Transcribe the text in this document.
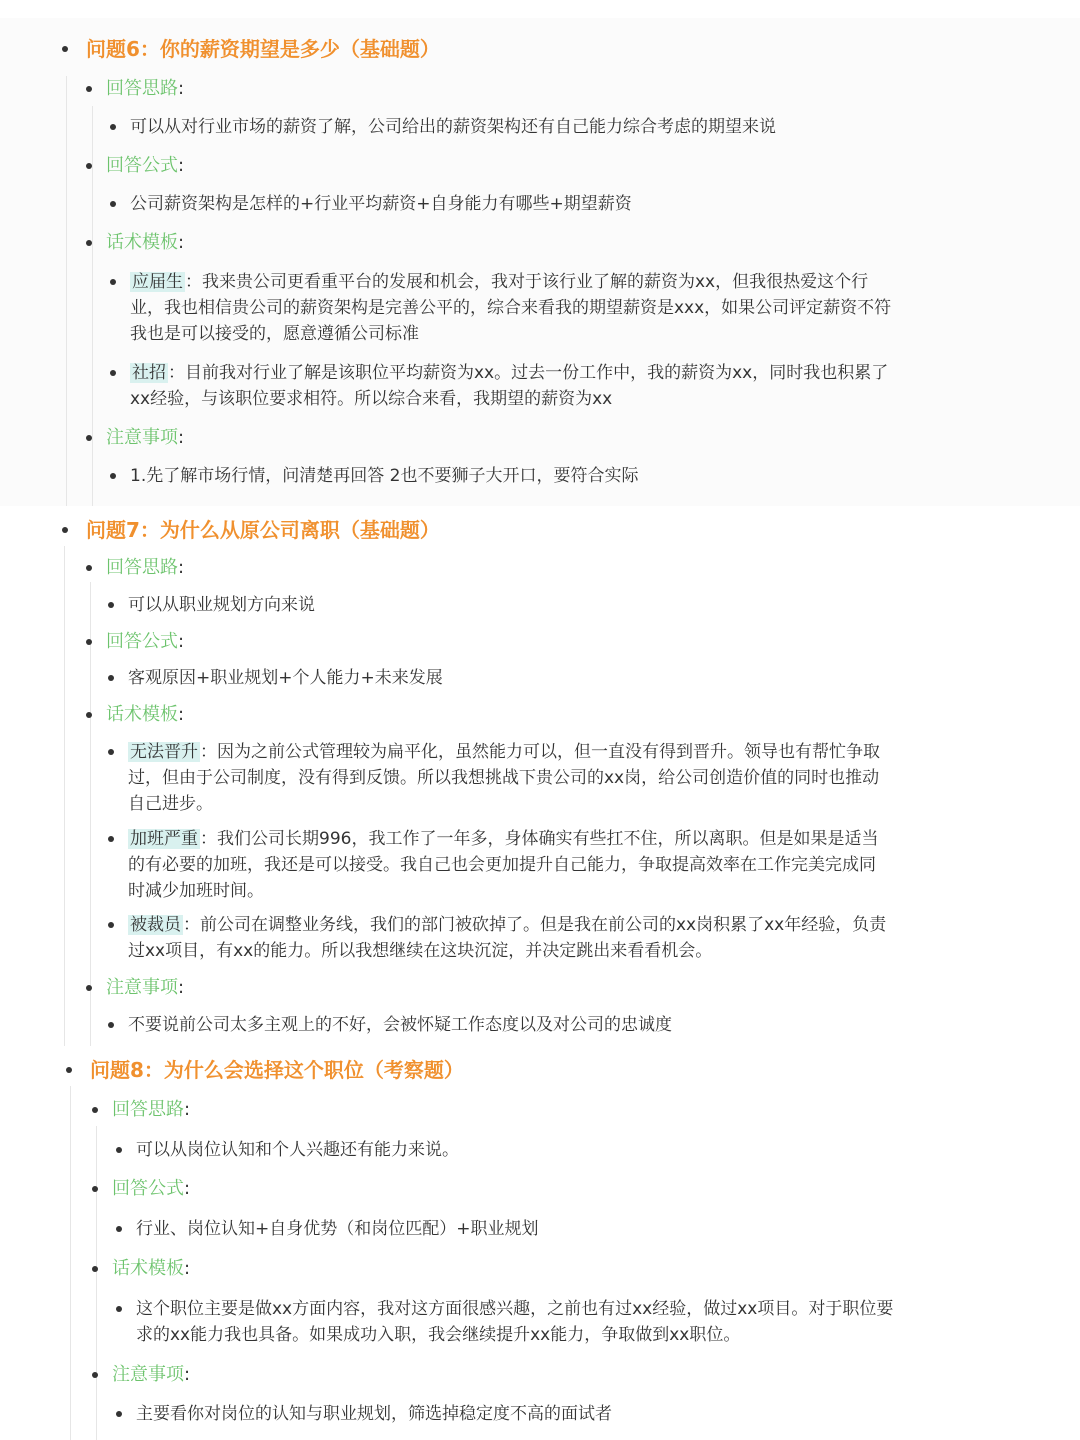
问题6：你的薪资期望是多少（基础题）
回答思路 :
可以从对行业市场的薪资了解，公司给出的薪资架构还有自己能力综合考虑的期望来说
回答公式 :
公司薪资架构是怎样的+行业平均薪资+自身能力有哪些+期望薪资
话术模板 :
应届生 ：我来贵公司更看重平台的发展和机会，我对于该行业了解的薪资为xx，但我很热爱这个行
业，我也相信贵公司的薪资架构是完善公平的，综合来看我的期望薪资是xxx，如果公司评定薪资不符
我也是可以接受的，愿意遵循公司标准
社招 ：目前我对行业了解是该职位平均薪资为xx。过去一份工作中，我的薪资为xx，同时我也积累了
xx经验，与该职位要求相符。所以综合来看，我期望的薪资为xx
注意事项 :
1.先了解市场行情，问清楚再回答 2也不要狮子大开口，要符合实际
问题7：为什么从原公司离职（基础题）
回答思路 :
可以从职业规划方向来说
回答公式 :
客观原因+职业规划+个人能力+未来发展
话术模板 :
无法晋升 ：因为之前公式管理较为扁平化，虽然能力可以，但一直没有得到晋升。领导也有帮忙争取
过，但由于公司制度，没有得到反馈。所以我想挑战下贵公司的xx岗，给公司创造价值的同时也推动
自己进步。
加班严重 ：我们公司长期996，我工作了一年多，身体确实有些扛不住，所以离职。但是如果是适当
的有必要的加班，我还是可以接受。我自己也会更加提升自己能力，争取提高效率在工作完美完成同
时减少加班时间。
被裁员 ：前公司在调整业务线，我们的部门被砍掉了。但是我在前公司的xx岗积累了xx年经验，负责
过xx项目，有xx的能力。所以我想继续在这块沉淀，并决定跳出来看看机会。
注意事项 :
不要说前公司太多主观上的不好，会被怀疑工作态度以及对公司的忠诚度
问题8：为什么会选择这个职位（考察题）
回答思路 :
可以从岗位认知和个人兴趣还有能力来说。
回答公式 :
行业、岗位认知+自身优势（和岗位匹配）+职业规划
话术模板 :
这个职位主要是做xx方面内容，我对这方面很感兴趣，之前也有过xx经验，做过xx项目。对于职位要
求的xx能力我也具备。如果成功入职，我会继续提升xx能力，争取做到xx职位。
注意事项 :
主要看你对岗位的认知与职业规划，筛选掉稳定度不高的面试者
